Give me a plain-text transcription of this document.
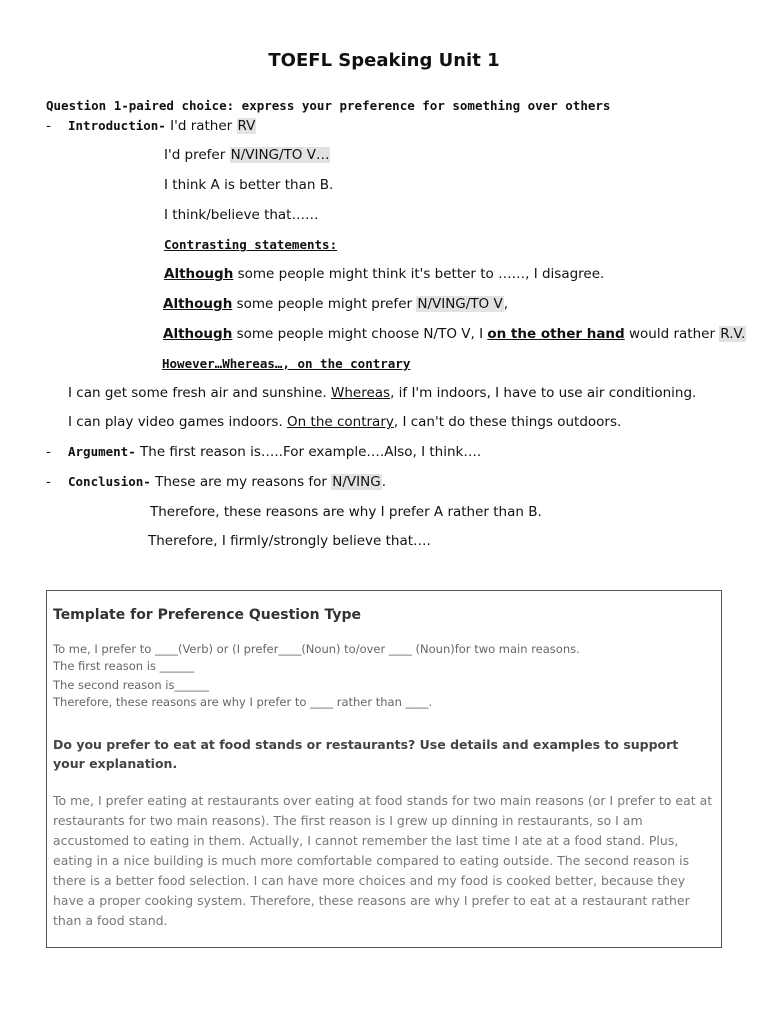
TOEFL Speaking Unit 1
Question 1-paired choice: express your preference for something over others
- Introduction- I'd rather RV
I'd prefer N/VING/TO V…
I think A is better than B.
I think/believe that……
Contrasting statements:
Although some people might think it's better to ……, I disagree.
Although some people might prefer N/VING/TO V,
Although some people might choose N/TO V, I on the other hand would rather R.V.
However…Whereas…, on the contrary
I can get some fresh air and sunshine. Whereas, if I'm indoors, I have to use air conditioning.
I can play video games indoors. On the contrary, I can't do these things outdoors.
- Argument- The first reason is…..For example….Also, I think….
- Conclusion- These are my reasons for N/VING.
Therefore, these reasons are why I prefer A rather than B.
Therefore, I firmly/strongly believe that….
Template for Preference Question Type
To me, I prefer to ____(Verb) or (I prefer____(Noun) to/over ____ (Noun)for two main reasons.
The first reason is ______
The second reason is______
Therefore, these reasons are why I prefer to ____ rather than ____.
Do you prefer to eat at food stands or restaurants? Use details and examples to support your explanation.
To me, I prefer eating at restaurants over eating at food stands for two main reasons (or I prefer to eat at restaurants for two main reasons). The first reason is I grew up dinning in restaurants, so I am accustomed to eating in them. Actually, I cannot remember the last time I ate at a food stand. Plus, eating in a nice building is much more comfortable compared to eating outside. The second reason is there is a better food selection. I can have more choices and my food is cooked better, because they have a proper cooking system. Therefore, these reasons are why I prefer to eat at a restaurant rather than a food stand.
